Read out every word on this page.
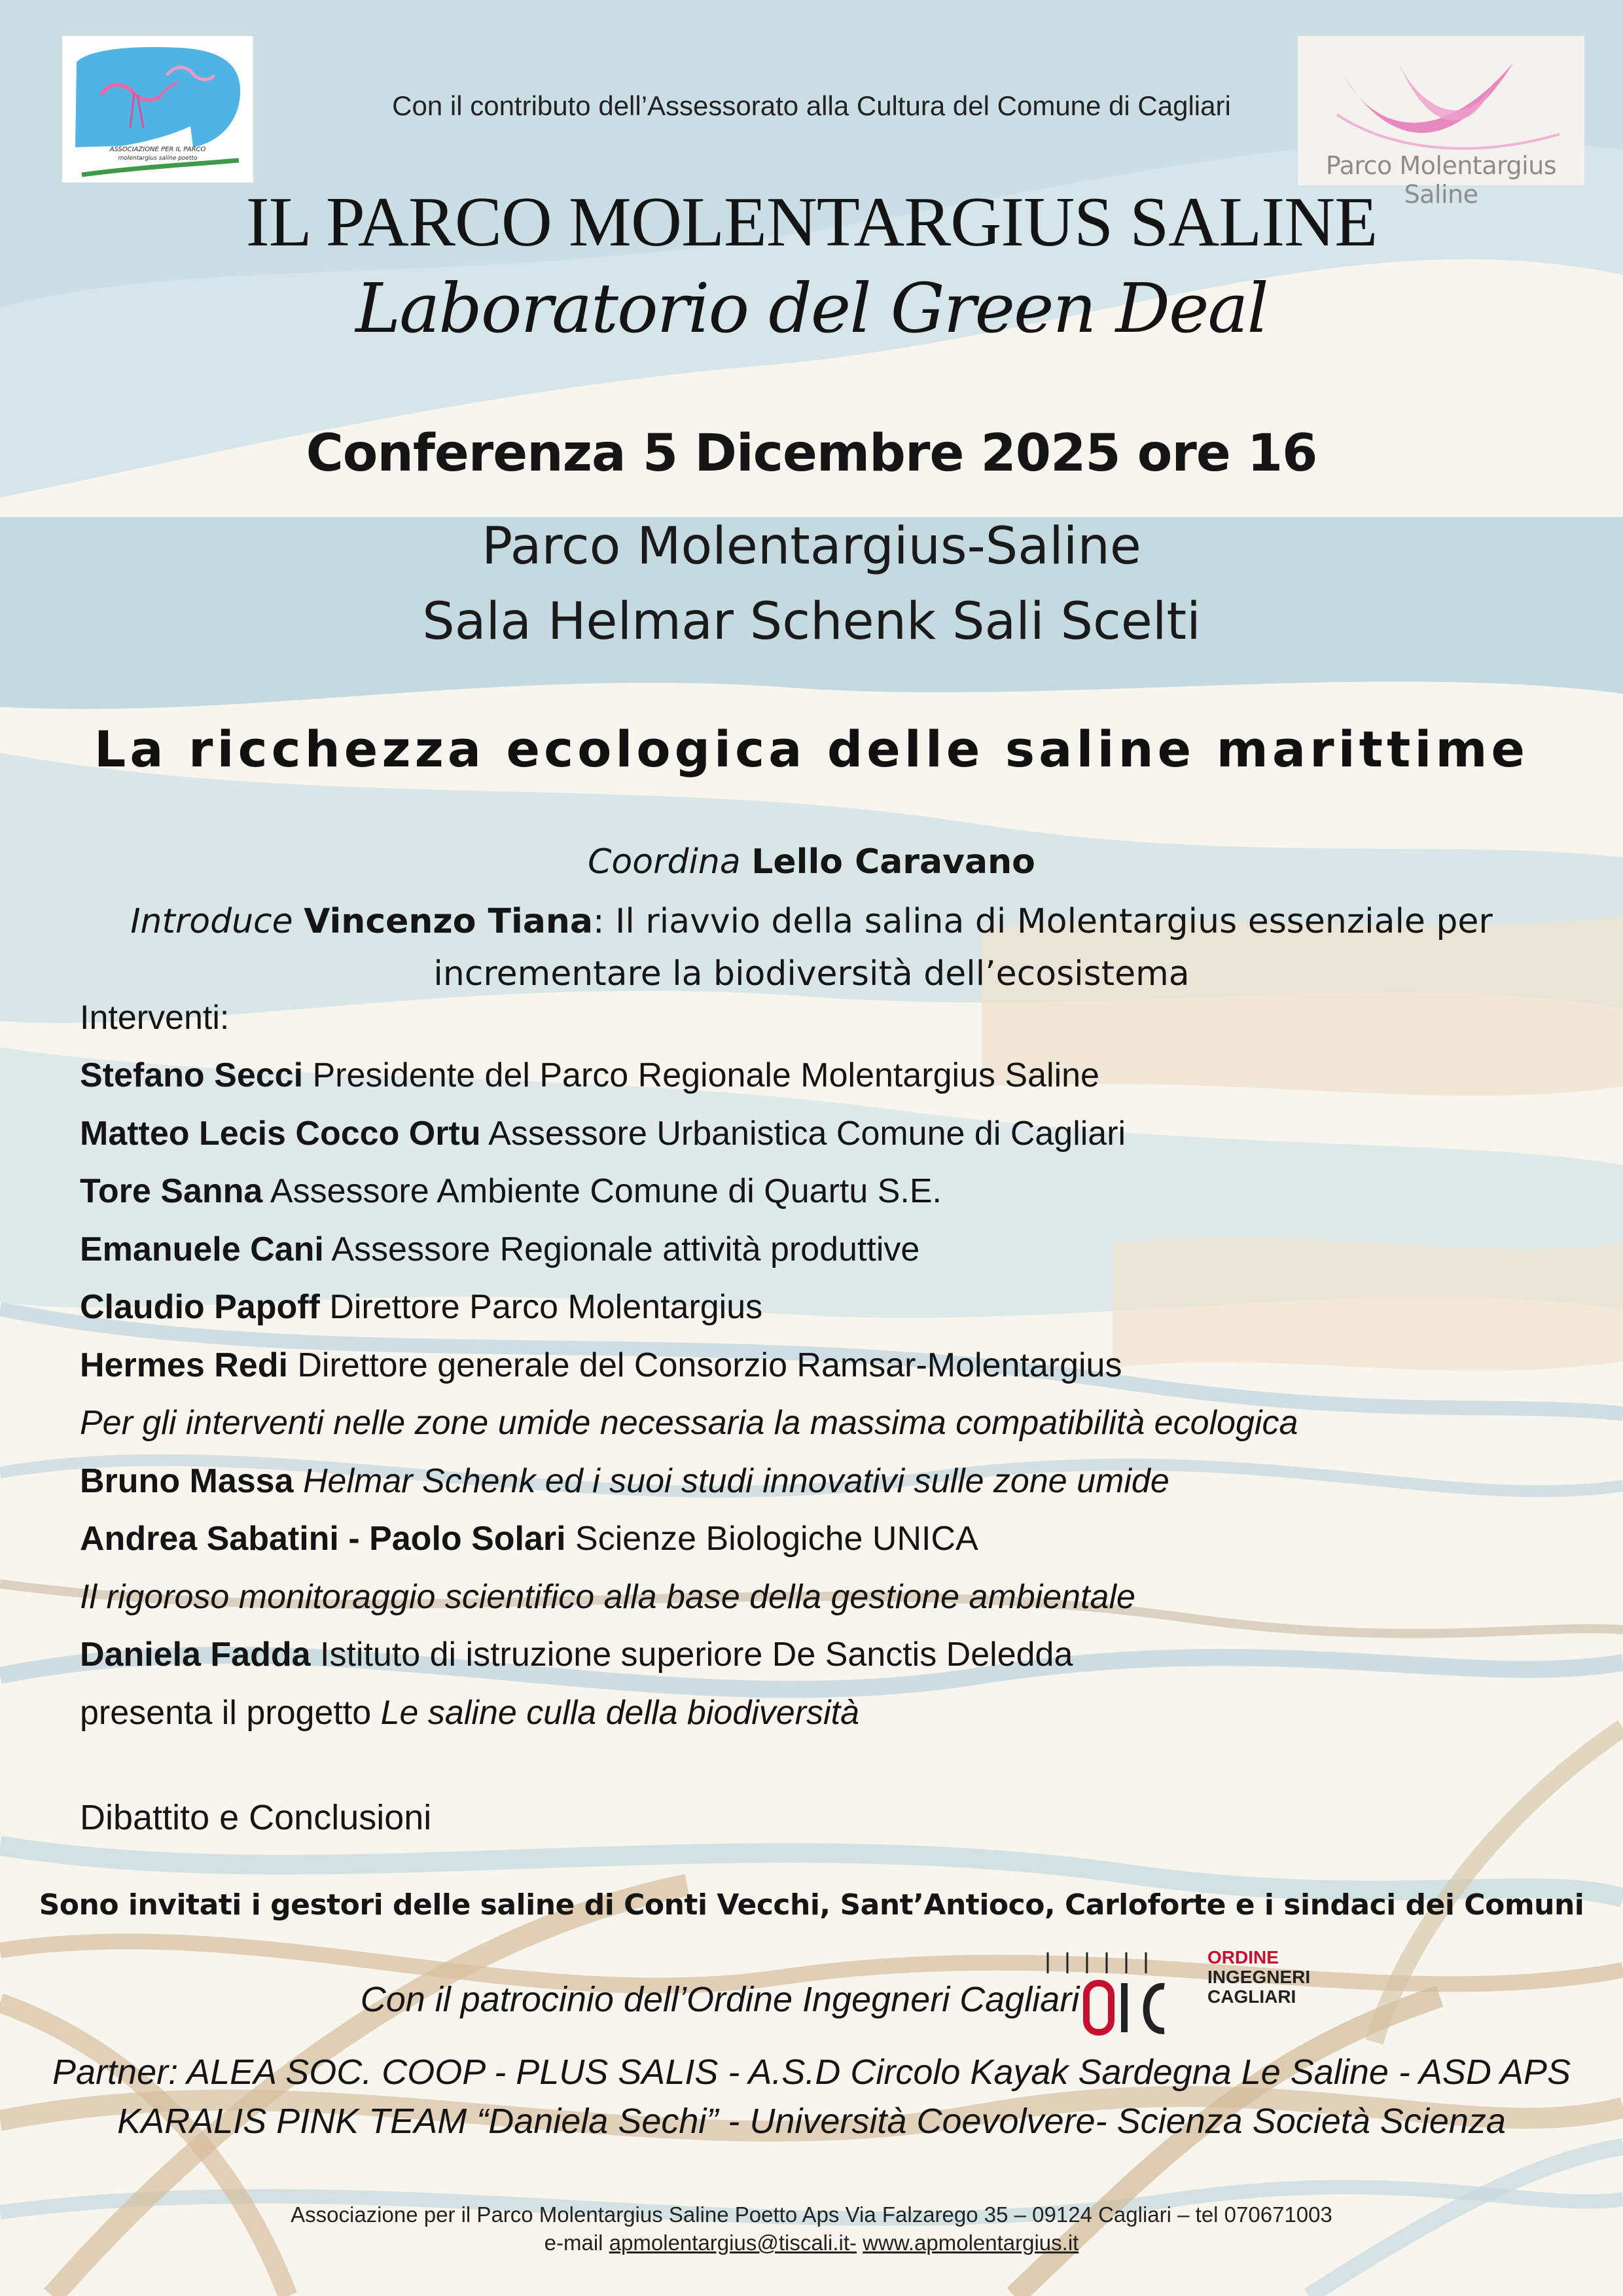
ASSOCIAZIONE PER IL PARCO
molentargius saline poetto
Con il contributo dell’Assessorato alla Cultura del Comune di Cagliari
Parco Molentargius Saline
IL PARCO MOLENTARGIUS SALINE
Laboratorio del Green Deal
Conferenza 5 Dicembre 2025 ore 16
Parco Molentargius-Saline
Sala Helmar Schenk Sali Scelti
La ricchezza ecologica delle saline marittime
Coordina Lello Caravano
Introduce Vincenzo Tiana: Il riavvio della salina di Molentargius essenziale per incrementare la biodiversità dell’ecosistema
Interventi:
Stefano Secci Presidente del Parco Regionale Molentargius Saline
Matteo Lecis Cocco Ortu Assessore Urbanistica Comune di Cagliari
Tore Sanna Assessore Ambiente Comune di Quartu S.E.
Emanuele Cani Assessore Regionale attività produttive
Claudio Papoff Direttore Parco Molentargius
Hermes Redi Direttore generale del Consorzio Ramsar-Molentargius
Per gli interventi nelle zone umide necessaria la massima compatibilità ecologica
Bruno Massa Helmar Schenk ed i suoi studi innovativi sulle zone umide
Andrea Sabatini - Paolo Solari Scienze Biologiche UNICA
Il rigoroso monitoraggio scientifico alla base della gestione ambientale
Daniela Fadda Istituto di istruzione superiore De Sanctis Deledda
presenta il progetto Le saline culla della biodiversità
Dibattito e Conclusioni
Sono invitati i gestori delle saline di Conti Vecchi, Sant’Antioco, Carloforte e i sindaci dei Comuni
Con il patrocinio dell’Ordine Ingegneri Cagliari
ORDINE
INGEGNERI
CAGLIARI
Partner: ALEA SOC. COOP - PLUS SALIS - A.S.D Circolo Kayak Sardegna Le Saline - ASD APS
KARALIS PINK TEAM “Daniela Sechi” - Università Coevolvere- Scienza Società Scienza
Associazione per il Parco Molentargius Saline Poetto Aps Via Falzarego 35 – 09124 Cagliari – tel 070671003
e-mail apmolentargius@tiscali.it- www.apmolentargius.it
